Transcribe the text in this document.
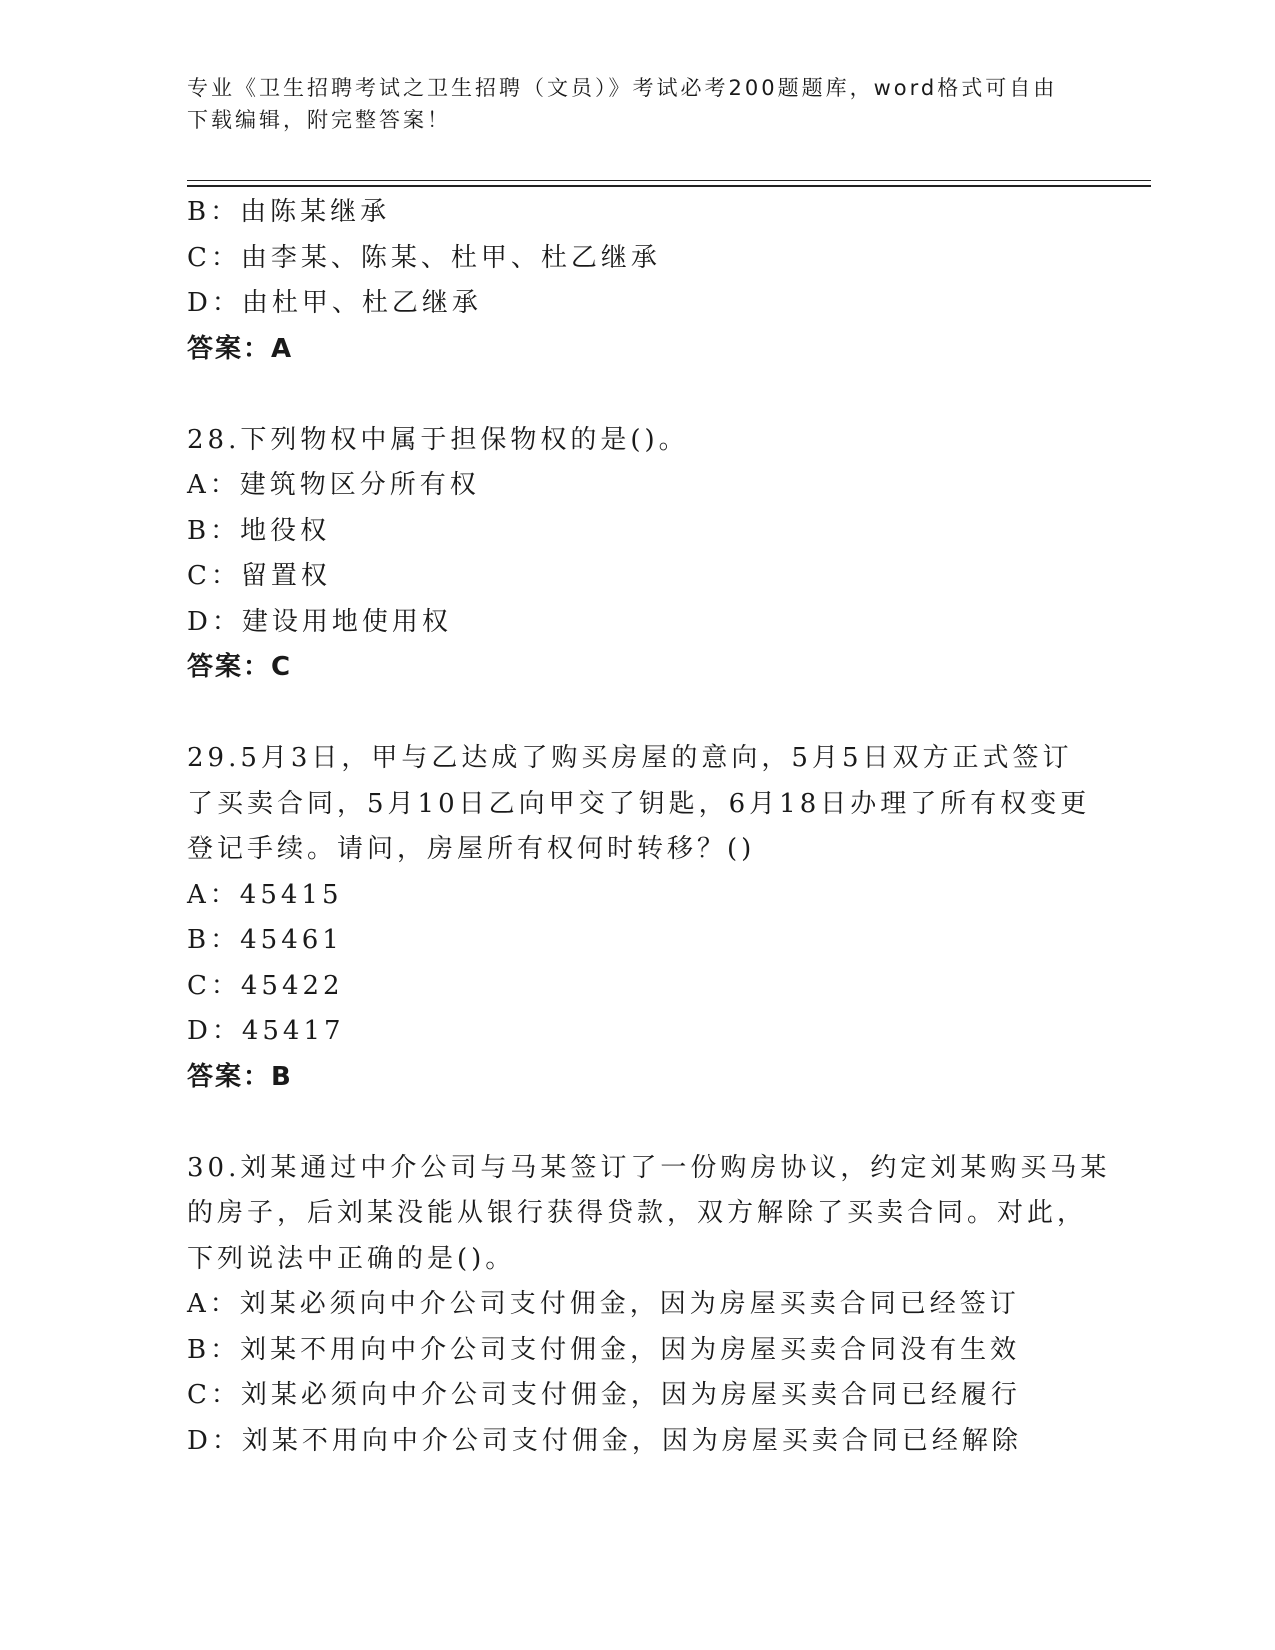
专业《卫生招聘考试之卫生招聘（文员）》考试必考200题题库，word格式可自由下载编辑，附完整答案！
B：由陈某继承
C：由李某、陈某、杜甲、杜乙继承
D：由杜甲、杜乙继承
答案：A
28.下列物权中属于担保物权的是()。
A：建筑物区分所有权
B：地役权
C：留置权
D：建设用地使用权
答案：C
29.5月3日，甲与乙达成了购买房屋的意向，5月5日双方正式签订
了买卖合同，5月10日乙向甲交了钥匙，6月18日办理了所有权变更
登记手续。请问，房屋所有权何时转移？()
A：45415
B：45461
C：45422
D：45417
答案：B
30.刘某通过中介公司与马某签订了一份购房协议，约定刘某购买马某
的房子，后刘某没能从银行获得贷款，双方解除了买卖合同。对此，
下列说法中正确的是()。
A：刘某必须向中介公司支付佣金，因为房屋买卖合同已经签订
B：刘某不用向中介公司支付佣金，因为房屋买卖合同没有生效
C：刘某必须向中介公司支付佣金，因为房屋买卖合同已经履行
D：刘某不用向中介公司支付佣金，因为房屋买卖合同已经解除
